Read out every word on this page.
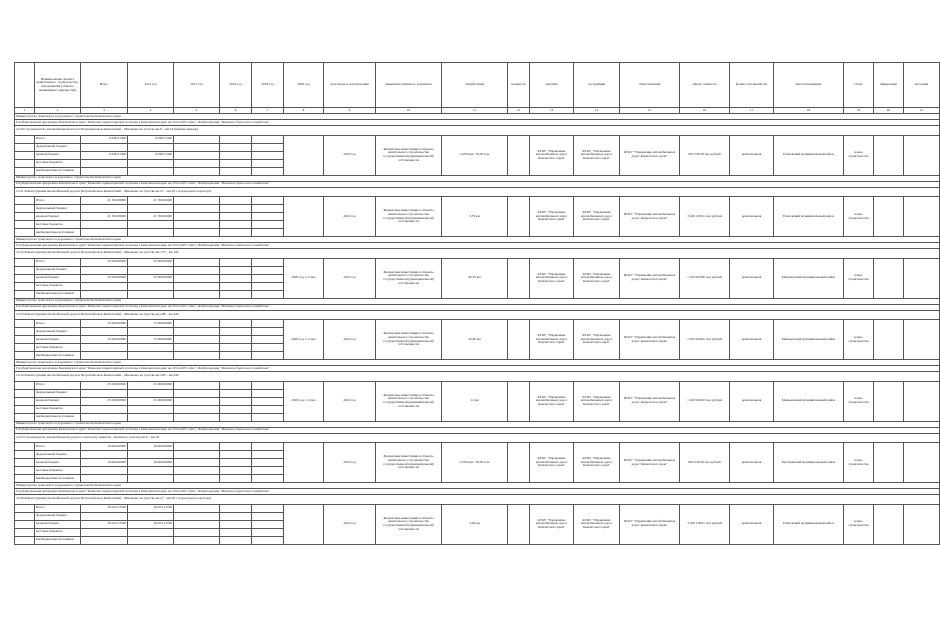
	Наименование объекта капитального строительства, мероприятия (объекта недвижимого имущества)	Всего	2014 год	2015 год	2016 год	2018 год	2020 год	срок ввода в эксплуатацию	реквизиты правового документа	общий объём	мощность	заказчик	застройщик	ответственный	общая стоимость	форма собственности	местонахождение	статус	примечание	источник	
1	2	3	4	5	6	7	8	9	10	11	12	13	14	15	16	17	18	19	20	21	
Министерство транспорта и дорожного строительства Камчатского края																					
Государственная программа Камчатского края "Развитие транспортной системы в Камчатском крае на 2014-2025 годы", Подпрограмма "Развитие дорожного хозяйства"																					
12.20 Строительство автомобильной дороги Петропавловск-Камчатский – Мильково на участке км 0 – км 16 (первая очередь)																					
	Итого	9 636,51300	9 636,51300					2016 год	Бюджетные инвестиции в объекты капитального строительства государственной (муниципальной) собственности	12,659 км / 79,63 п.м.		КГКУ "Управление автомобильных дорог Камчатского края"	КГКУ "Управление автомобильных дорог Камчатского края"	КГКУ "Управление автомобильных дорог Камчатского края"	663 556,58 тыс.рублей	региональная	Елизовский муниципальный район	новое строительство			
	федеральный бюджет																				
	краевой бюджет	9 636,51300	9 636,51300																		
	местные бюджеты																				
	внебюджетные источники																				
Министерство транспорта и дорожного строительства Камчатского края																					
Государственная программа Камчатского края "Развитие транспортной системы в Камчатском крае на 2014-2025 годы", Подпрограмма "Развитие дорожного хозяйства"																					
12.21 Реконструкция автомобильной дороги Петропавловск-Камчатский – Мильково на участке км 27 – км 29 с подъездом к аэропорту																					
	Итого	21 593,00000	21 593,00000					2016 год	Бюджетные инвестиции в объекты капитального строительства государственной (муниципальной) собственности	3,79 км		КГКУ "Управление автомобильных дорог Камчатского края"	КГКУ "Управление автомобильных дорог Камчатского края"	КГКУ "Управление автомобильных дорог Камчатского края"	3 429 118,91 тыс.рублей	региональная	Елизовский муниципальный район	новое строительство			
	федеральный бюджет																				
	краевой бюджет	21 593,00000	21 593,00000																		
	местные бюджеты																				
	внебюджетные источники																				
Министерство транспорта и дорожного строительства Камчатского края																					
Государственная программа Камчатского края "Развитие транспортной системы в Камчатском крае на 2014-2025 годы", Подпрограмма "Развитие дорожного хозяйства"																					
12.22 Реконструкция автомобильной дороги Петропавловск-Камчатский – Мильково на участке км 175 – км 192																					
	Итого	25 000,00000	25 000,00000				2020 год, 2 этапа	2016 год	Бюджетные инвестиции в объекты капитального строительства государственной (муниципальной) собственности	40,35 км		КГКУ "Управление автомобильных дорог Камчатского края"	КГКУ "Управление автомобильных дорог Камчатского края"	КГКУ "Управление автомобильных дорог Камчатского края"	1 329 933,80 тыс.рублей	региональная	Мильковский муниципальный район	новое строительство			
	федеральный бюджет																				
	краевой бюджет	25 000,00000	25 000,00000																		
	местные бюджеты																				
	внебюджетные источники																				
Министерство транспорта и дорожного строительства Камчатского края																					
Государственная программа Камчатского края "Развитие транспортной системы в Камчатском крае на 2014-2025 годы", Подпрограмма "Развитие дорожного хозяйства"																					
12.23 Реконструкция автомобильной дороги Петропавловск-Камчатский – Мильково на участке км 208 – км 229																					
	Итого	15 000,00000	15 000,00000				2020 год, 2 этапа	2016 год	Бюджетные инвестиции в объекты капитального строительства государственной (муниципальной) собственности	20,96 км		КГКУ "Управление автомобильных дорог Камчатского края"	КГКУ "Управление автомобильных дорог Камчатского края"	КГКУ "Управление автомобильных дорог Камчатского края"	1 655 954,00 тыс.рублей	региональная	Мильковский муниципальный район	новое строительство			
	федеральный бюджет																				
	краевой бюджет	15 000,00000	15 000,00000																		
	местные бюджеты																				
	внебюджетные источники																				
Министерство транспорта и дорожного строительства Камчатского края																					
Государственная программа Камчатского края "Развитие транспортной системы в Камчатском крае на 2014-2025 годы", Подпрограмма "Развитие дорожного хозяйства"																					
12.24 Реконструкция автомобильной дороги Петропавловск-Камчатский – Мильково на участке км 229 – км 240																					
	Итого	25 000,00000	25 000,00000				2020 год, 2 этапа	2016 год	Бюджетные инвестиции в объекты капитального строительства государственной (муниципальной) собственности	12 км		КГКУ "Управление автомобильных дорог Камчатского края"	КГКУ "Управление автомобильных дорог Камчатского края"	КГКУ "Управление автомобильных дорог Камчатского края"	1 249 950,00 тыс.рублей	региональная	Мильковский муниципальный район	новое строительство			
	федеральный бюджет																				
	краевой бюджет	25 000,00000	25 000,00000																		
	местные бюджеты																				
	внебюджетные источники																				
Министерство транспорта и дорожного строительства Камчатского края																					
Государственная программа Камчатского края "Развитие транспортной системы в Камчатском крае на 2014-2025 годы", Подпрограмма "Развитие дорожного хозяйства"																					
12.25 Строительство автомобильной дороги к аэропорту Анавгай – Палана на участке км 0 – км 16																					
	Итого	18 000,00000	18 000,00000					2016 год	Бюджетные инвестиции в объекты капитального строительства государственной (муниципальной) собственности	17,659 км / 79,63 п.м.		КГКУ "Управление автомобильных дорог Камчатского края"	КГКУ "Управление автомобильных дорог Камчатского края"	КГКУ "Управление автомобильных дорог Камчатского края"	663 556,58 тыс.рублей	региональная	Быстринский муниципальный район	новое строительство			
	федеральный бюджет																				
	краевой бюджет	18 000,00000	18 000,00000																		
	местные бюджеты																				
	внебюджетные источники																				
Министерство транспорта и дорожного строительства Камчатского края																					
Государственная программа Камчатского края "Развитие транспортной системы в Камчатском крае на 2014-2025 годы", Подпрограмма "Развитие дорожного хозяйства"																					
12.26 Реконструкция автомобильной дороги Петропавловск-Камчатский – Мильково на участке км 27 – км 29 с подъездом к аэропорту																					
	Итого	16 023,13700	16 023,13700					2016 год	Бюджетные инвестиции в объекты капитального строительства государственной (муниципальной) собственности	3,49 км		КГКУ "Управление автомобильных дорог Камчатского края"	КГКУ "Управление автомобильных дорог Камчатского края"	КГКУ "Управление автомобильных дорог Камчатского края"	3 429 118,91 тыс.рублей	региональная	Елизовский муниципальный район	новое строительство			
	федеральный бюджет																				
	краевой бюджет	16 023,13700	16 023,13700																		
	местные бюджеты																				
	внебюджетные источники																				
